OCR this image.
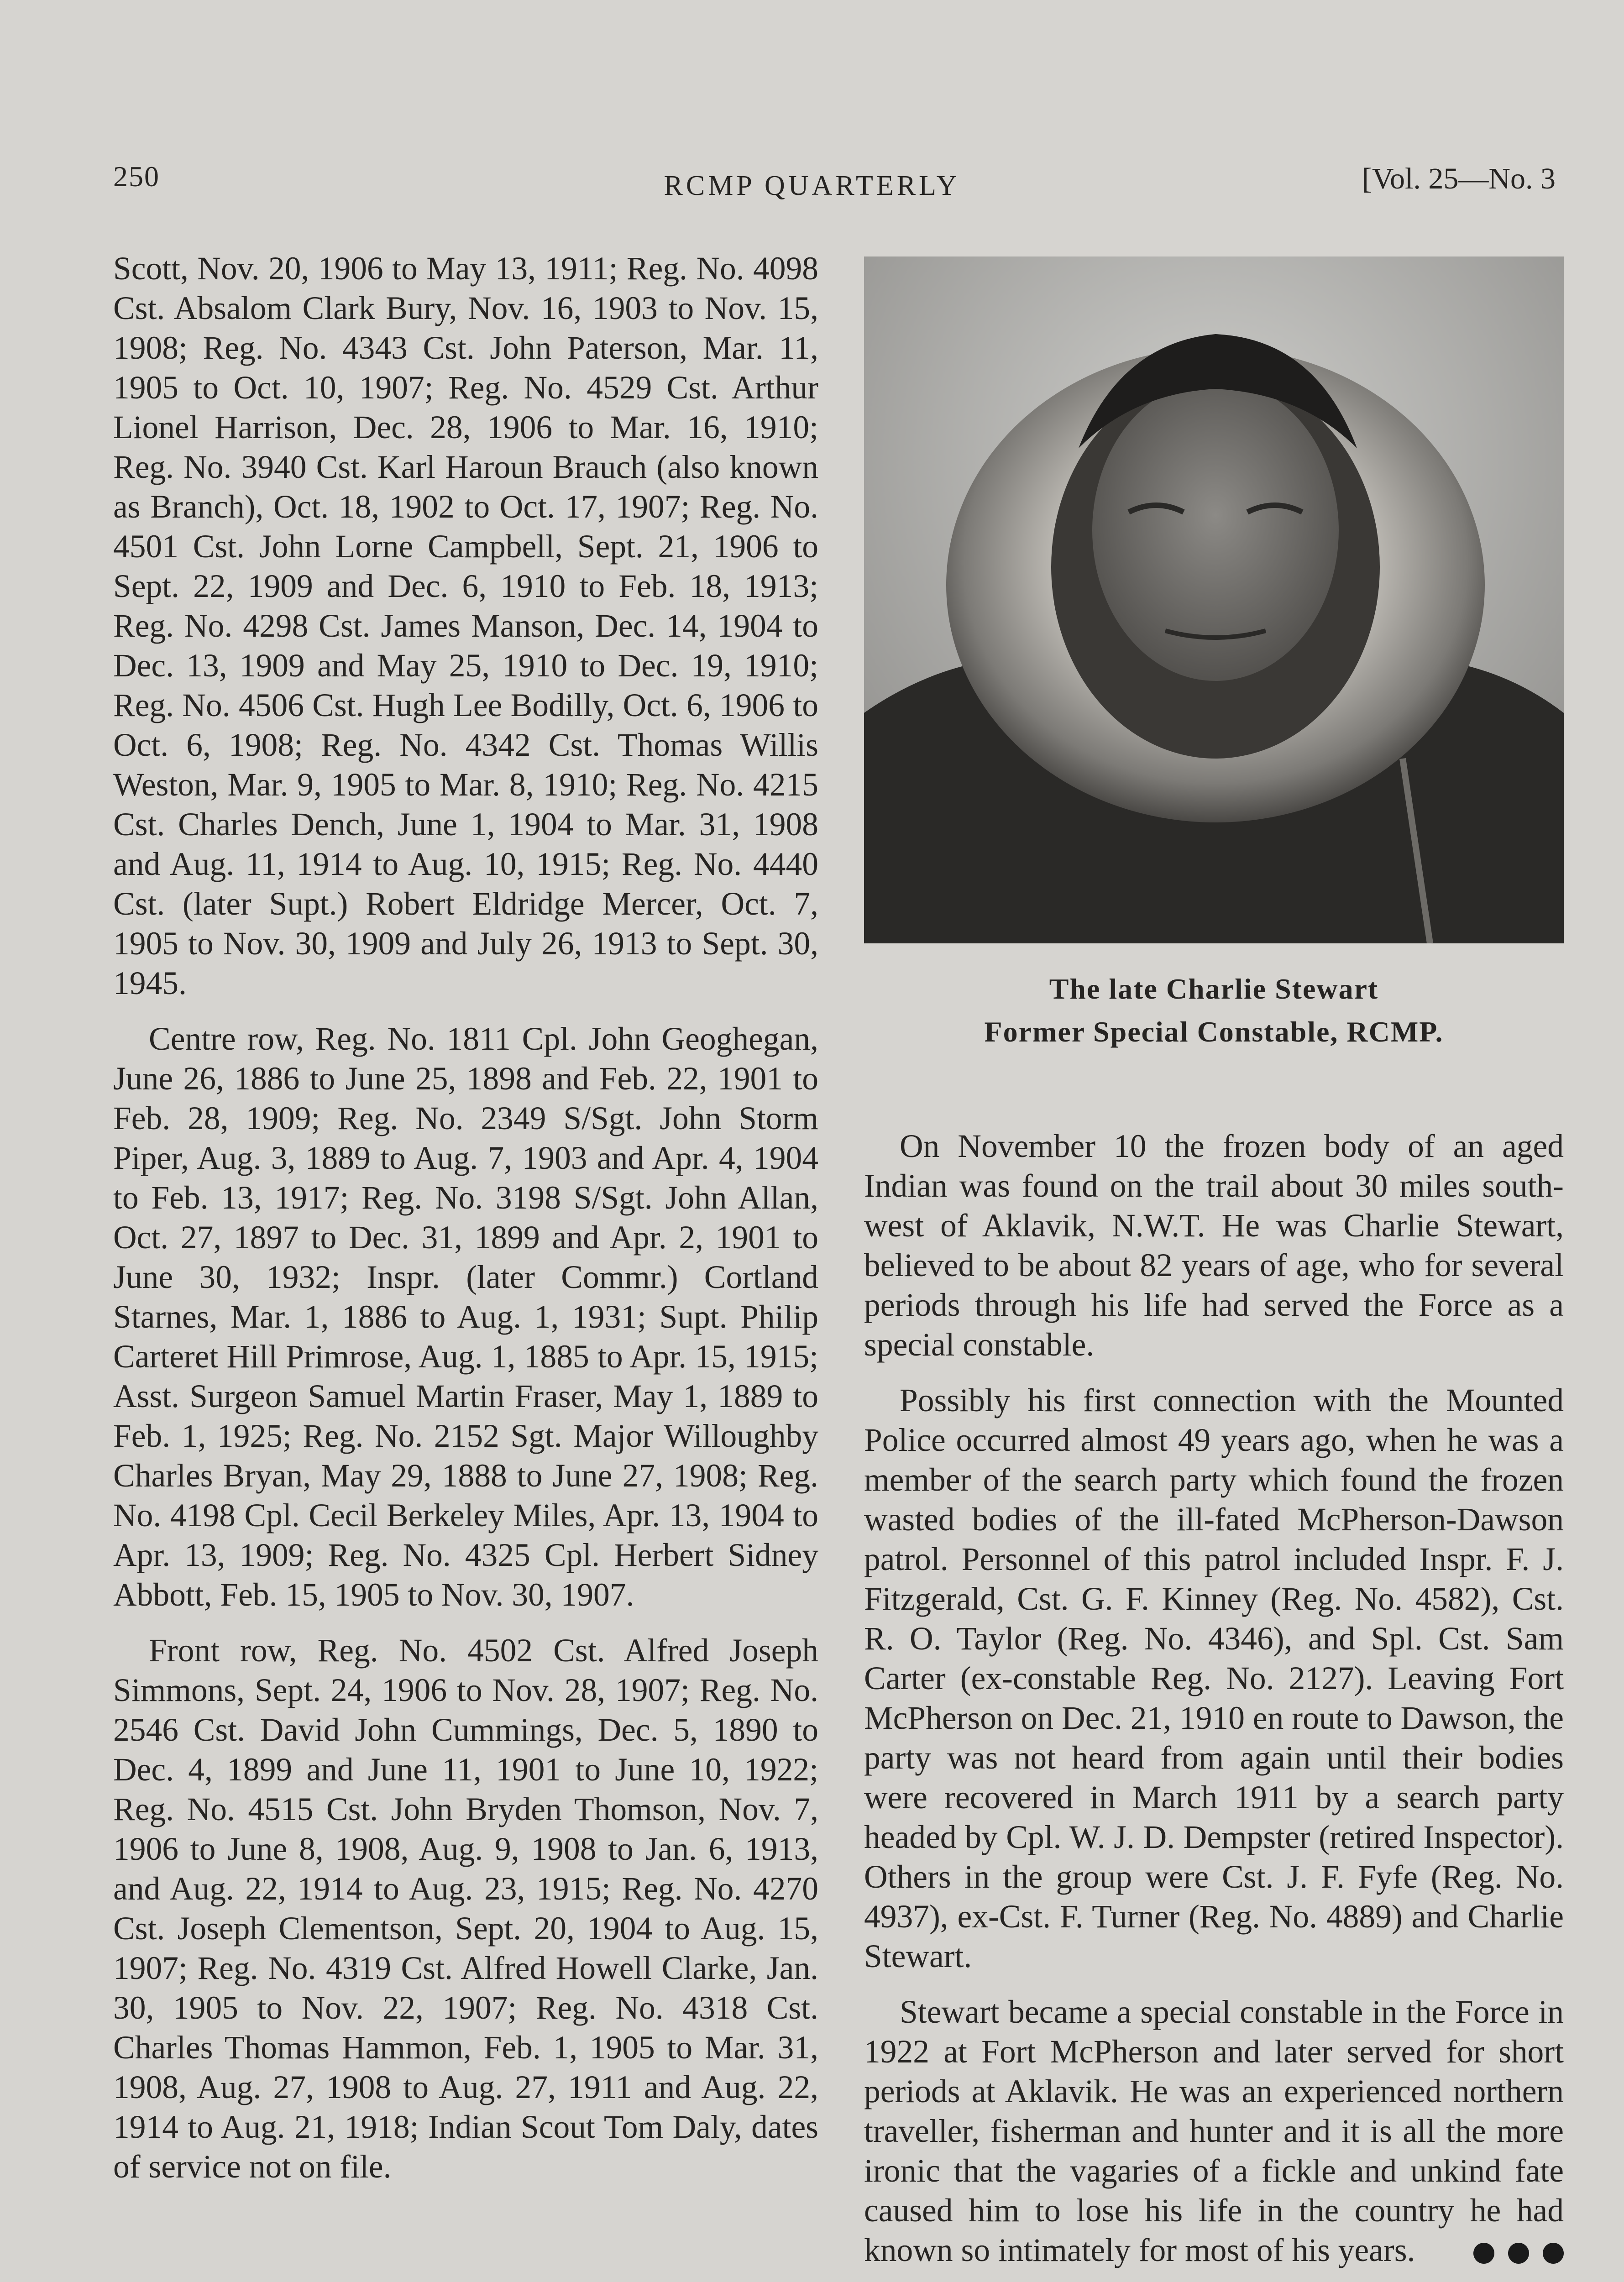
250	RCMP QUARTERLY	[Vol. 25—No. 3

Scott, Nov. 20, 1906 to May 13, 1911; Reg. No. 4098 Cst. Absalom Clark Bury, Nov. 16, 1903 to Nov. 15, 1908; Reg. No. 4343 Cst. John Paterson, Mar. 11, 1905 to Oct. 10, 1907; Reg. No. 4529 Cst. Arthur Lionel Harrison, Dec. 28, 1906 to Mar. 16, 1910; Reg. No. 3940 Cst. Karl Haroun Brauch (also known as Branch), Oct. 18, 1902 to Oct. 17, 1907; Reg. No. 4501 Cst. John Lorne Campbell, Sept. 21, 1906 to Sept. 22, 1909 and Dec. 6, 1910 to Feb. 18, 1913; Reg. No. 4298 Cst. James Manson, Dec. 14, 1904 to Dec. 13, 1909 and May 25, 1910 to Dec. 19, 1910; Reg. No. 4506 Cst. Hugh Lee Bodilly, Oct. 6, 1906 to Oct. 6, 1908; Reg. No. 4342 Cst. Thomas Willis Weston, Mar. 9, 1905 to Mar. 8, 1910; Reg. No. 4215 Cst. Charles Dench, June 1, 1904 to Mar. 31, 1908 and Aug. 11, 1914 to Aug. 10, 1915; Reg. No. 4440 Cst. (later Supt.) Robert Eldridge Mercer, Oct. 7, 1905 to Nov. 30, 1909 and July 26, 1913 to Sept. 30, 1945.

Centre row, Reg. No. 1811 Cpl. John Geoghegan, June 26, 1886 to June 25, 1898 and Feb. 22, 1901 to Feb. 28, 1909; Reg. No. 2349 S/Sgt. John Storm Piper, Aug. 3, 1889 to Aug. 7, 1903 and Apr. 4, 1904 to Feb. 13, 1917; Reg. No. 3198 S/Sgt. John Allan, Oct. 27, 1897 to Dec. 31, 1899 and Apr. 2, 1901 to June 30, 1932; Inspr. (later Commr.) Cortland Starnes, Mar. 1, 1886 to Aug. 1, 1931; Supt. Philip Carteret Hill Primrose, Aug. 1, 1885 to Apr. 15, 1915; Asst. Surgeon Samuel Martin Fraser, May 1, 1889 to Feb. 1, 1925; Reg. No. 2152 Sgt. Major Willoughby Charles Bryan, May 29, 1888 to June 27, 1908; Reg. No. 4198 Cpl. Cecil Berkeley Miles, Apr. 13, 1904 to Apr. 13, 1909; Reg. No. 4325 Cpl. Herbert Sidney Abbott, Feb. 15, 1905 to Nov. 30, 1907.

Front row, Reg. No. 4502 Cst. Alfred Joseph Simmons, Sept. 24, 1906 to Nov. 28, 1907; Reg. No. 2546 Cst. David John Cummings, Dec. 5, 1890 to Dec. 4, 1899 and June 11, 1901 to June 10, 1922; Reg. No. 4515 Cst. John Bryden Thomson, Nov. 7, 1906 to June 8, 1908, Aug. 9, 1908 to Jan. 6, 1913, and Aug. 22, 1914 to Aug. 23, 1915; Reg. No. 4270 Cst. Joseph Clementson, Sept. 20, 1904 to Aug. 15, 1907; Reg. No. 4319 Cst. Alfred Howell Clarke, Jan. 30, 1905 to Nov. 22, 1907; Reg. No. 4318 Cst. Charles Thomas Hammon, Feb. 1, 1905 to Mar. 31, 1908, Aug. 27, 1908 to Aug. 27, 1911 and Aug. 22, 1914 to Aug. 21, 1918; Indian Scout Tom Daly, dates of service not on file.

The late Charlie Stewart
Former Special Constable, RCMP.

On November 10 the frozen body of an aged Indian was found on the trail about 30 miles south-west of Aklavik, N.W.T. He was Charlie Stewart, believed to be about 82 years of age, who for several periods through his life had served the Force as a special constable.

Possibly his first connection with the Mounted Police occurred almost 49 years ago, when he was a member of the search party which found the frozen wasted bodies of the ill-fated McPherson-Dawson patrol. Personnel of this patrol included Inspr. F. J. Fitzgerald, Cst. G. F. Kinney (Reg. No. 4582), Cst. R. O. Taylor (Reg. No. 4346), and Spl. Cst. Sam Carter (ex-constable Reg. No. 2127). Leaving Fort McPherson on Dec. 21, 1910 en route to Dawson, the party was not heard from again until their bodies were recovered in March 1911 by a search party headed by Cpl. W. J. D. Dempster (retired Inspector). Others in the group were Cst. J. F. Fyfe (Reg. No. 4937), ex-Cst. F. Turner (Reg. No. 4889) and Charlie Stewart.

Stewart became a special constable in the Force in 1922 at Fort McPherson and later served for short periods at Aklavik. He was an experienced northern traveller, fisherman and hunter and it is all the more ironic that the vagaries of a fickle and unkind fate caused him to lose his life in the country he had known so intimately for most of his years.
